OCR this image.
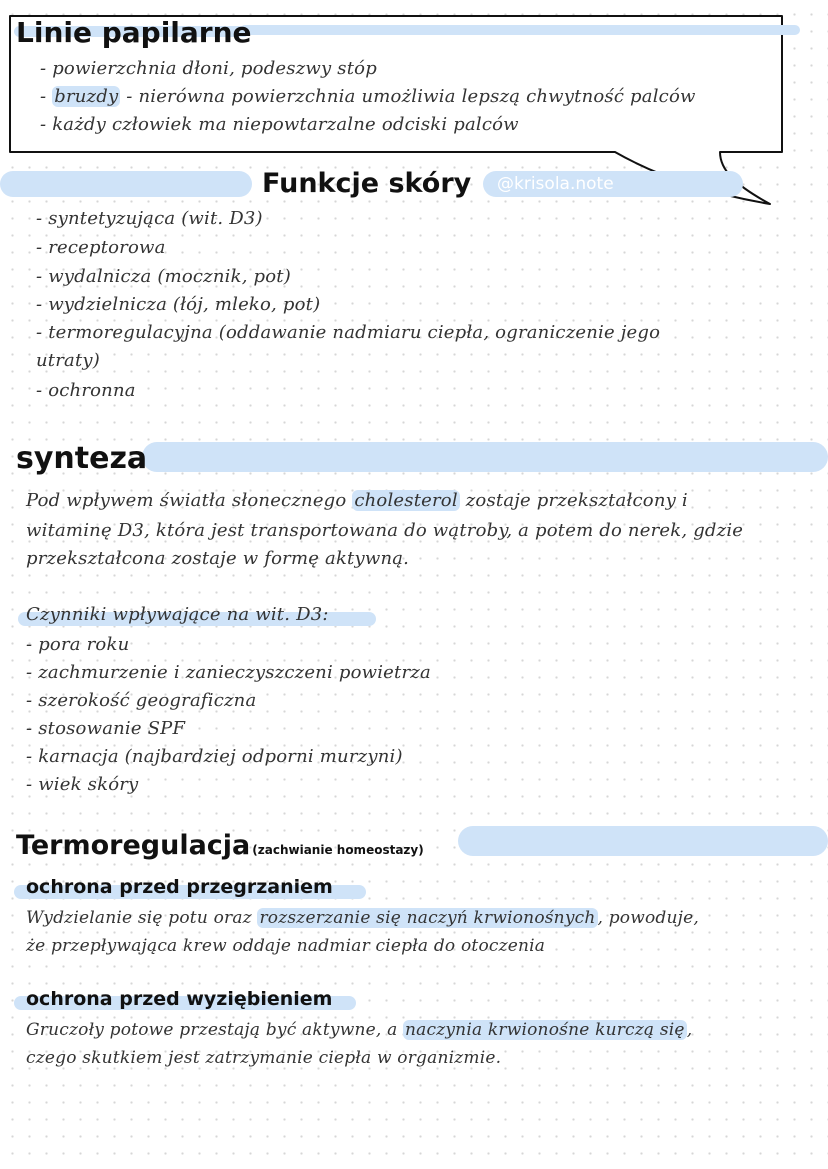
Linie papilarne
- powierzchnia dłoni, podeszwy stóp
- bruzdy - nierówna powierzchnia umożliwia lepszą chwytność palców
- każdy człowiek ma niepowtarzalne odciski palców
Funkcje skóry @krisola.note
- syntetyzująca (wit. D3)
- receptorowa
- wydalnicza (mocznik, pot)
- wydzielnicza (łój, mleko, pot)
- termoregulacyjna (oddawanie nadmiaru ciepła, ograniczenie jego
utraty)
- ochronna
synteza
Pod wpływem światła słonecznego cholesterol zostaje przekształcony i
witaminę D3, która jest transportowana do wątroby, a potem do nerek, gdzie
przekształcona zostaje w formę aktywną.
Czynniki wpływające na wit. D3:
- pora roku
- zachmurzenie i zanieczyszczeni powietrza
- szerokość geograficzna
- stosowanie SPF
- karnacja (najbardziej odporni murzyni)
- wiek skóry
Termoregulacja (zachwianie homeostazy)
ochrona przed przegrzaniem
Wydzielanie się potu oraz rozszerzanie się naczyń krwionośnych , powoduje,
że przepływająca krew oddaje nadmiar ciepła do otoczenia
ochrona przed wyziębieniem
Gruczoły potowe przestają być aktywne, a naczynia krwionośne kurczą się ,
czego skutkiem jest zatrzymanie ciepła w organizmie.
